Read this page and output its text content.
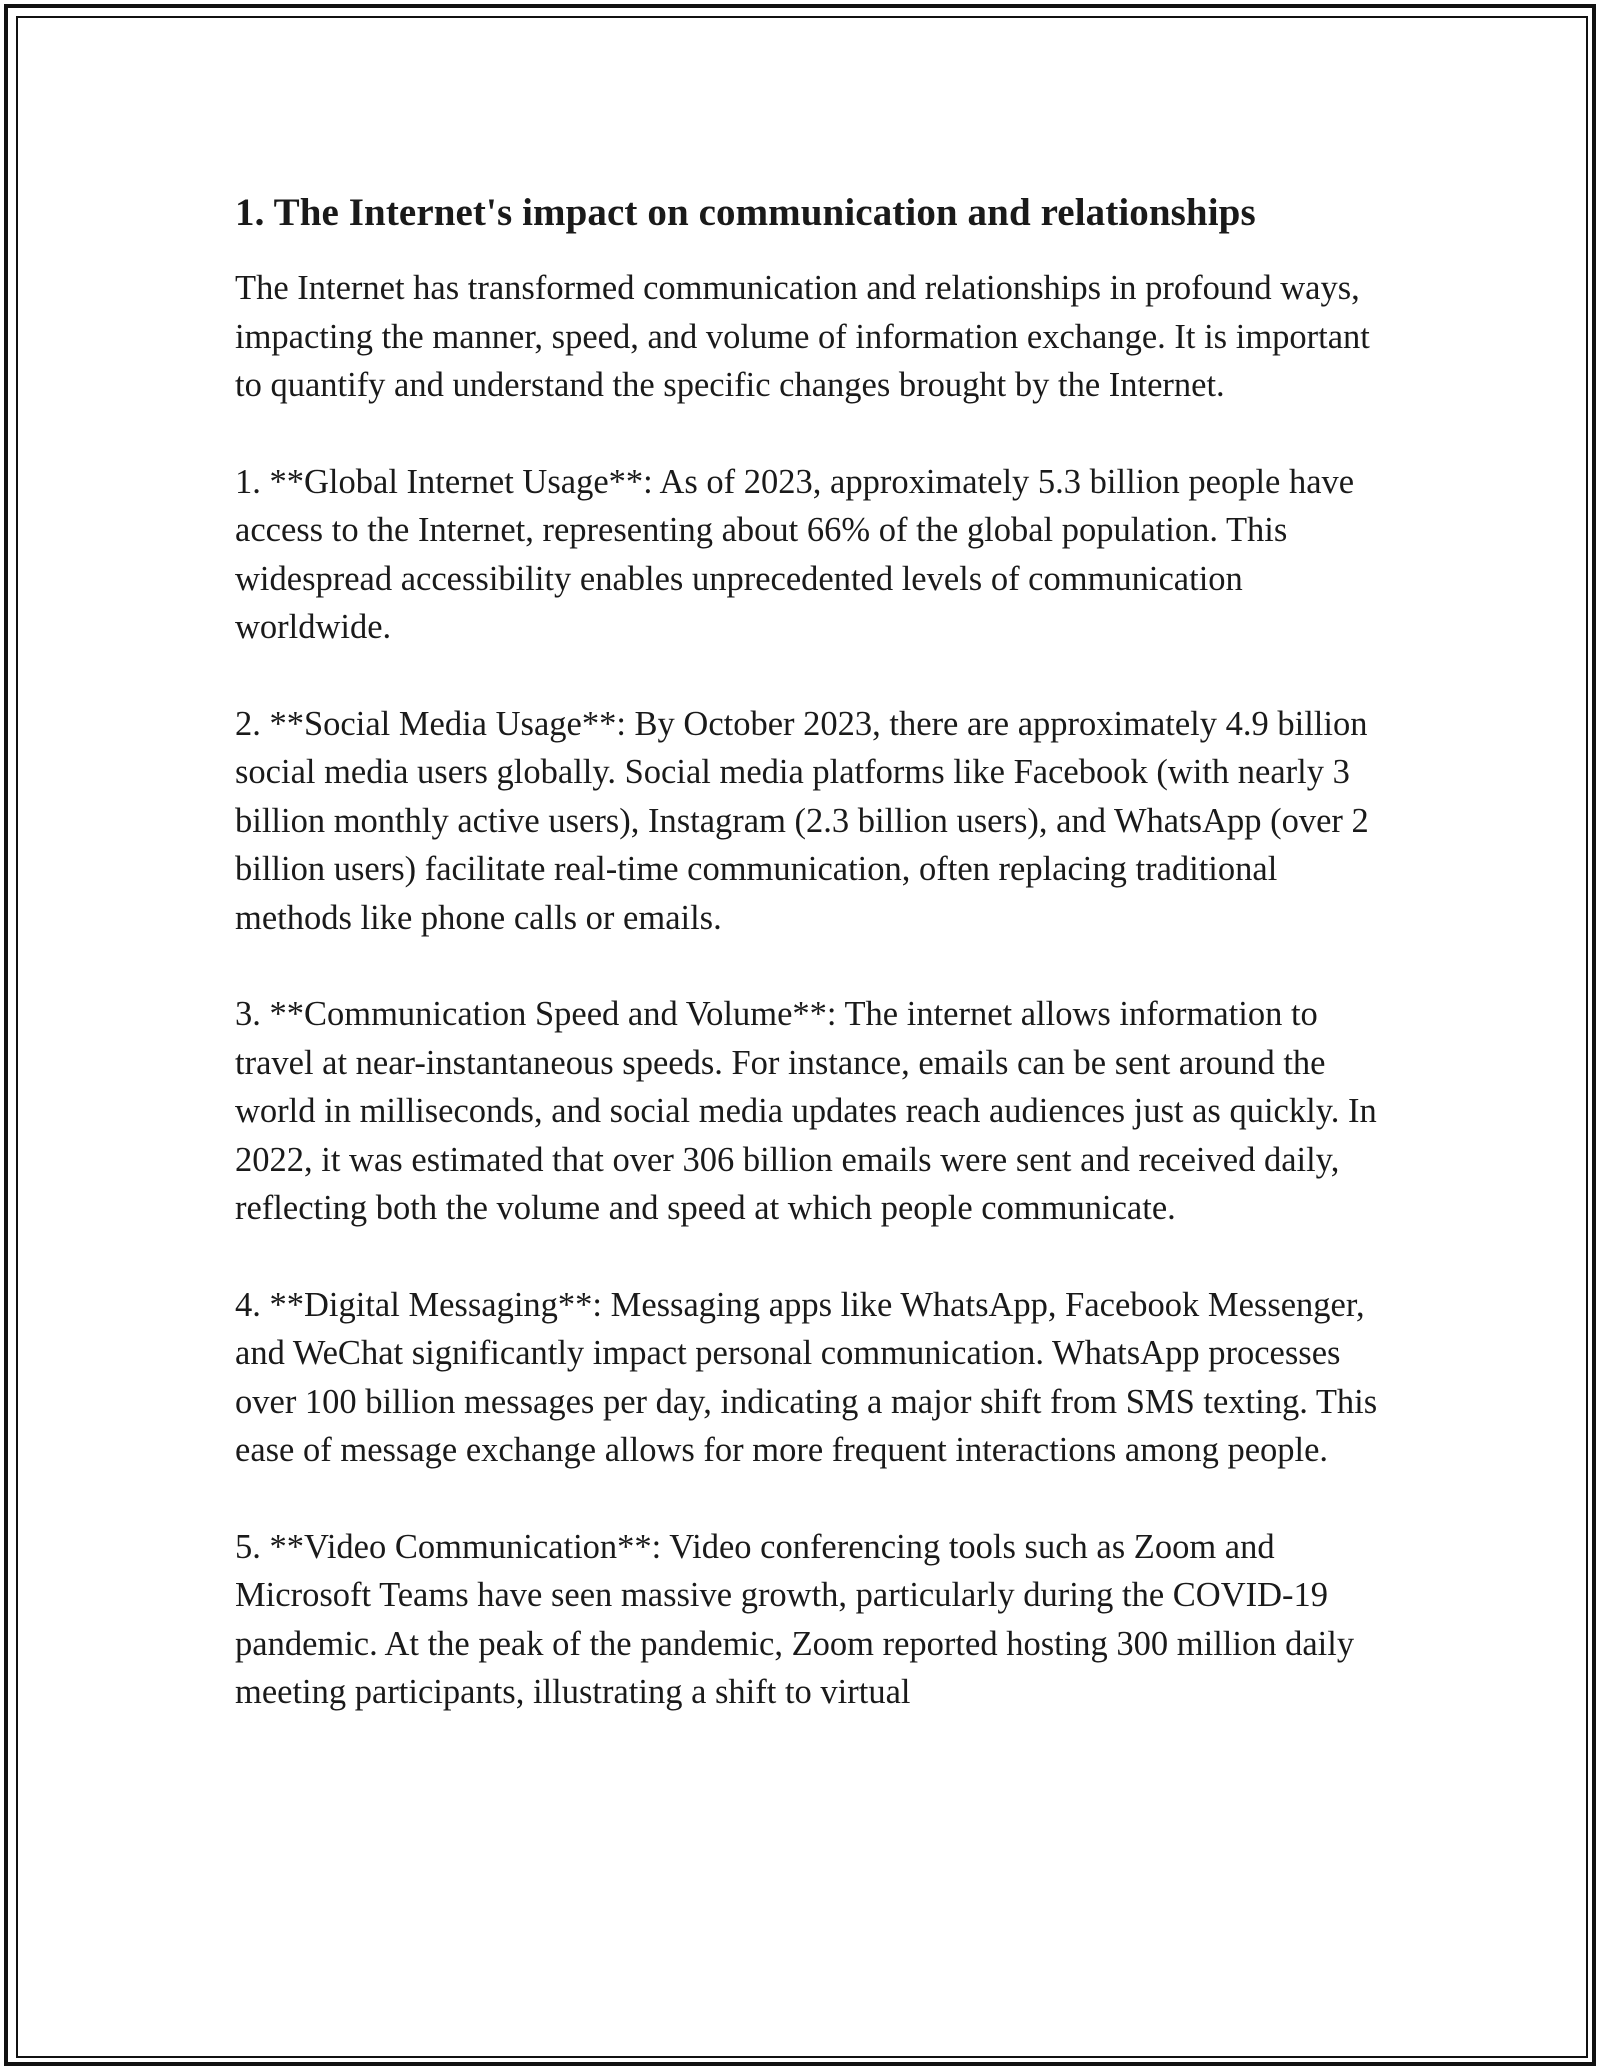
1. The Internet's impact on communication and relationships

The Internet has transformed communication and relationships in profound ways, impacting the manner, speed, and volume of information exchange. It is important to quantify and understand the specific changes brought by the Internet.

1. **Global Internet Usage**: As of 2023, approximately 5.3 billion people have access to the Internet, representing about 66% of the global population. This widespread accessibility enables unprecedented levels of communication worldwide.

2. **Social Media Usage**: By October 2023, there are approximately 4.9 billion social media users globally. Social media platforms like Facebook (with nearly 3 billion monthly active users), Instagram (2.3 billion users), and WhatsApp (over 2 billion users) facilitate real-time communication, often replacing traditional methods like phone calls or emails.

3. **Communication Speed and Volume**: The internet allows information to travel at near-instantaneous speeds. For instance, emails can be sent around the world in milliseconds, and social media updates reach audiences just as quickly. In 2022, it was estimated that over 306 billion emails were sent and received daily, reflecting both the volume and speed at which people communicate.

4. **Digital Messaging**: Messaging apps like WhatsApp, Facebook Messenger, and WeChat significantly impact personal communication. WhatsApp processes over 100 billion messages per day, indicating a major shift from SMS texting. This ease of message exchange allows for more frequent interactions among people.

5. **Video Communication**: Video conferencing tools such as Zoom and Microsoft Teams have seen massive growth, particularly during the COVID-19 pandemic. At the peak of the pandemic, Zoom reported hosting 300 million daily meeting participants, illustrating a shift to virtual
